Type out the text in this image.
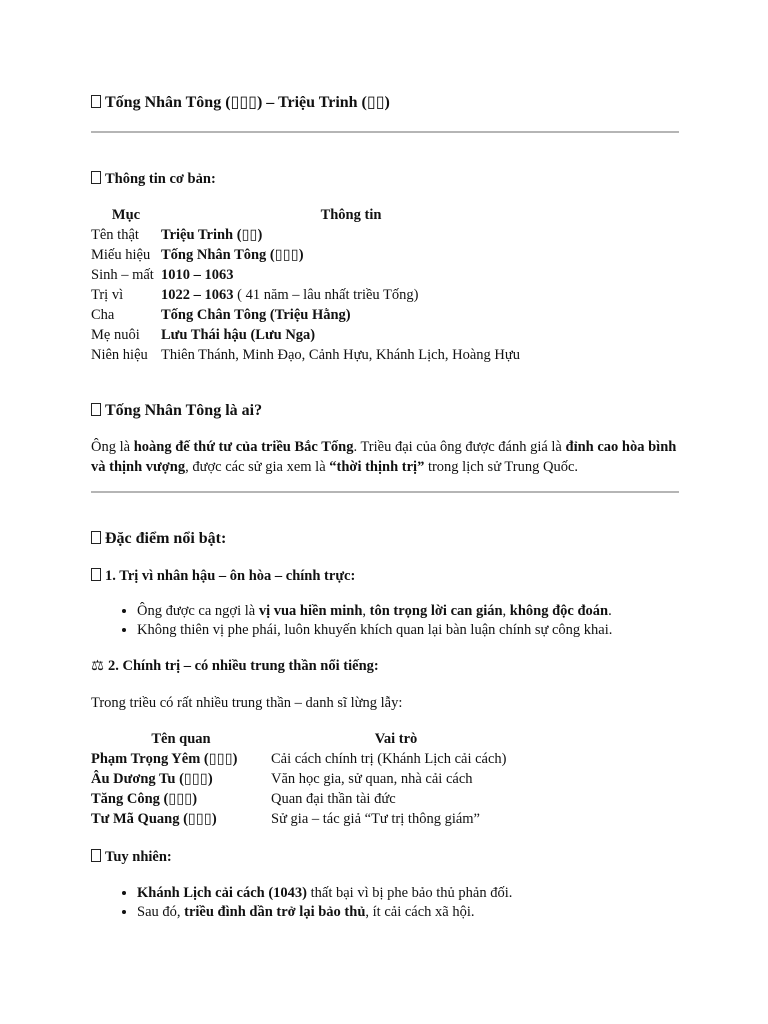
Tống Nhân Tông (▯▯▯) – Triệu Trinh (▯▯)
Thông tin cơ bản:
Mục	Thông tin
Tên thật	Triệu Trinh (▯▯)
Miếu hiệu	Tống Nhân Tông (▯▯▯)
Sinh – mất	1010 – 1063
Trị vì	1022 – 1063 ( 41 năm – lâu nhất triều Tống)
Cha	Tống Chân Tông (Triệu Hằng)
Mẹ nuôi	Lưu Thái hậu (Lưu Nga)
Niên hiệu	Thiên Thánh, Minh Đạo, Cảnh Hựu, Khánh Lịch, Hoàng Hựu
Tống Nhân Tông là ai?
Ông là hoàng đế thứ tư của triều Bắc Tống. Triều đại của ông được đánh giá là đỉnh cao hòa bình và thịnh vượng, được các sử gia xem là “thời thịnh trị” trong lịch sử Trung Quốc.
Đặc điểm nổi bật:
1. Trị vì nhân hậu – ôn hòa – chính trực:
• Ông được ca ngợi là vị vua hiền minh, tôn trọng lời can gián, không độc đoán.
• Không thiên vị phe phái, luôn khuyến khích quan lại bàn luận chính sự công khai.
⚖ 2. Chính trị – có nhiều trung thần nổi tiếng:
Trong triều có rất nhiều trung thần – danh sĩ lừng lẫy:
Tên quan	Vai trò
Phạm Trọng Yêm (▯▯▯)	Cải cách chính trị (Khánh Lịch cải cách)
Âu Dương Tu (▯▯▯)	Văn học gia, sử quan, nhà cải cách
Tăng Công (▯▯▯)	Quan đại thần tài đức
Tư Mã Quang (▯▯▯)	Sử gia – tác giả “Tư trị thông giám”
Tuy nhiên:
• Khánh Lịch cải cách (1043) thất bại vì bị phe bảo thủ phản đối.
• Sau đó, triều đình dần trở lại bảo thủ, ít cải cách xã hội.
